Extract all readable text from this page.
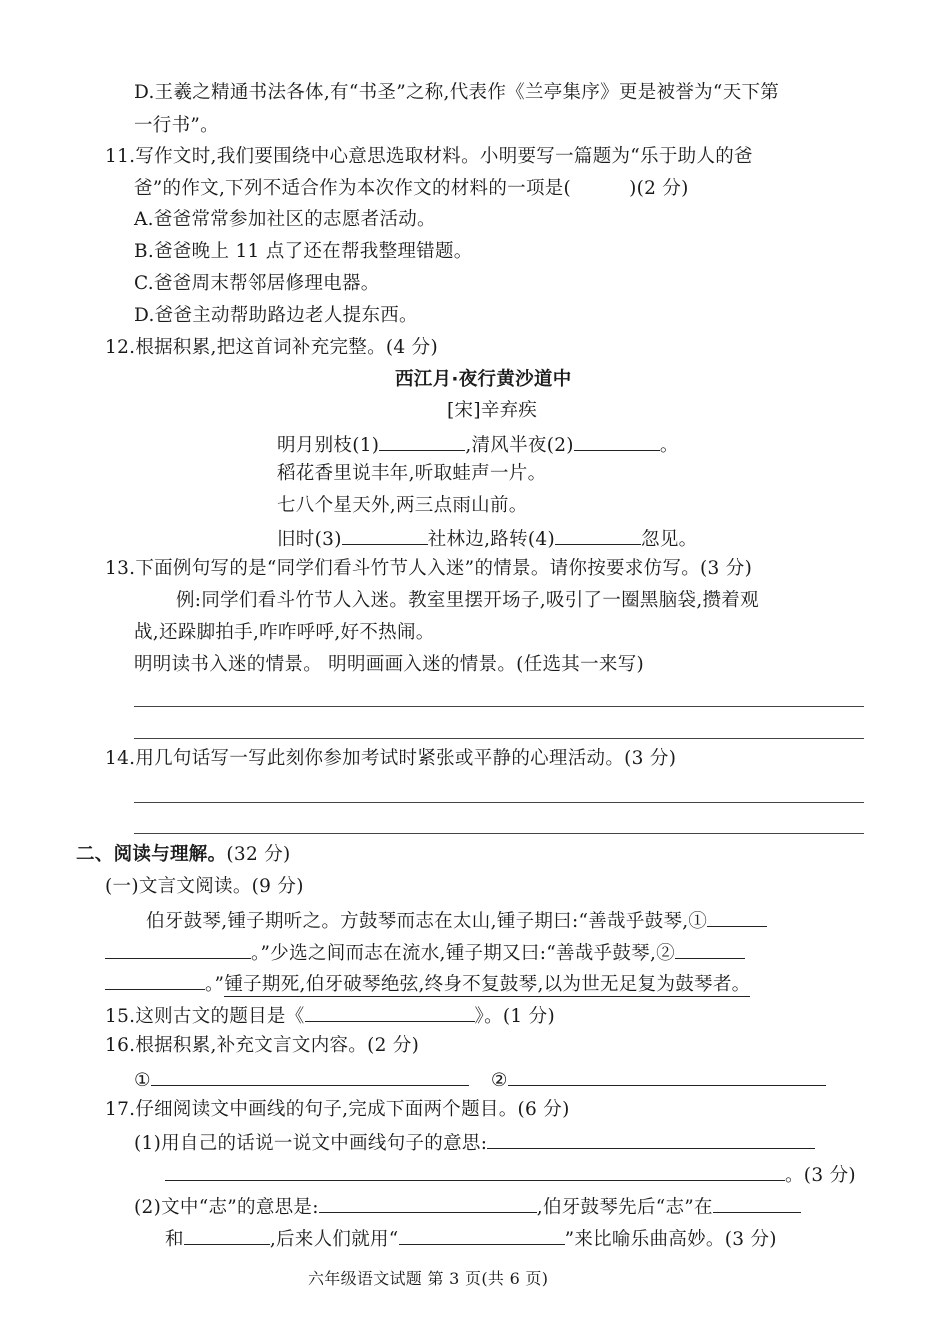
D.王羲之精通书法各体,有“书圣”之称,代表作《兰亭集序》更是被誉为“天下第
一行书”。
11.写作文时,我们要围绕中心意思选取材料。小明要写一篇题为“乐于助人的爸
爸”的作文,下列不适合作为本次作文的材料的一项是(	)(2 分)
A.爸爸常常参加社区的志愿者活动。
B.爸爸晚上 11 点了还在帮我整理错题。
C.爸爸周末帮邻居修理电器。
D.爸爸主动帮助路边老人提东西。
12.根据积累,把这首词补充完整。(4 分)
西江月·夜行黄沙道中
[宋]辛弃疾
明月别枝(1)	,清风半夜(2)	。
稻花香里说丰年,听取蛙声一片。
七八个星天外,两三点雨山前。
旧时(3)	社林边,路转(4)	忽见。
13.下面例句写的是“同学们看斗竹节人入迷”的情景。请你按要求仿写。(3 分)
例:同学们看斗竹节人入迷。教室里摆开场子,吸引了一圈黑脑袋,攒着观
战,还跺脚拍手,咋咋呼呼,好不热闹。
明明读书入迷的情景。 明明画画入迷的情景。(任选其一来写)
14.用几句话写一写此刻你参加考试时紧张或平静的心理活动。(3 分)
二、阅读与理解。(32 分)
(一)文言文阅读。(9 分)
伯牙鼓琴,锺子期听之。方鼓琴而志在太山,锺子期曰:“善哉乎鼓琴,①
。”少选之间而志在流水,锺子期又曰:“善哉乎鼓琴,②
。”锺子期死,伯牙破琴绝弦,终身不复鼓琴,以为世无足复为鼓琴者。
15.这则古文的题目是《	》。(1 分)
16.根据积累,补充文言文内容。(2 分)
①	②
17.仔细阅读文中画线的句子,完成下面两个题目。(6 分)
(1)用自己的话说一说文中画线句子的意思:
。(3 分)
(2)文中“志”的意思是:	,伯牙鼓琴先后“志”在
和	,后来人们就用“	”来比喻乐曲高妙。(3 分)
六年级语文试题 第 3 页(共 6 页)
